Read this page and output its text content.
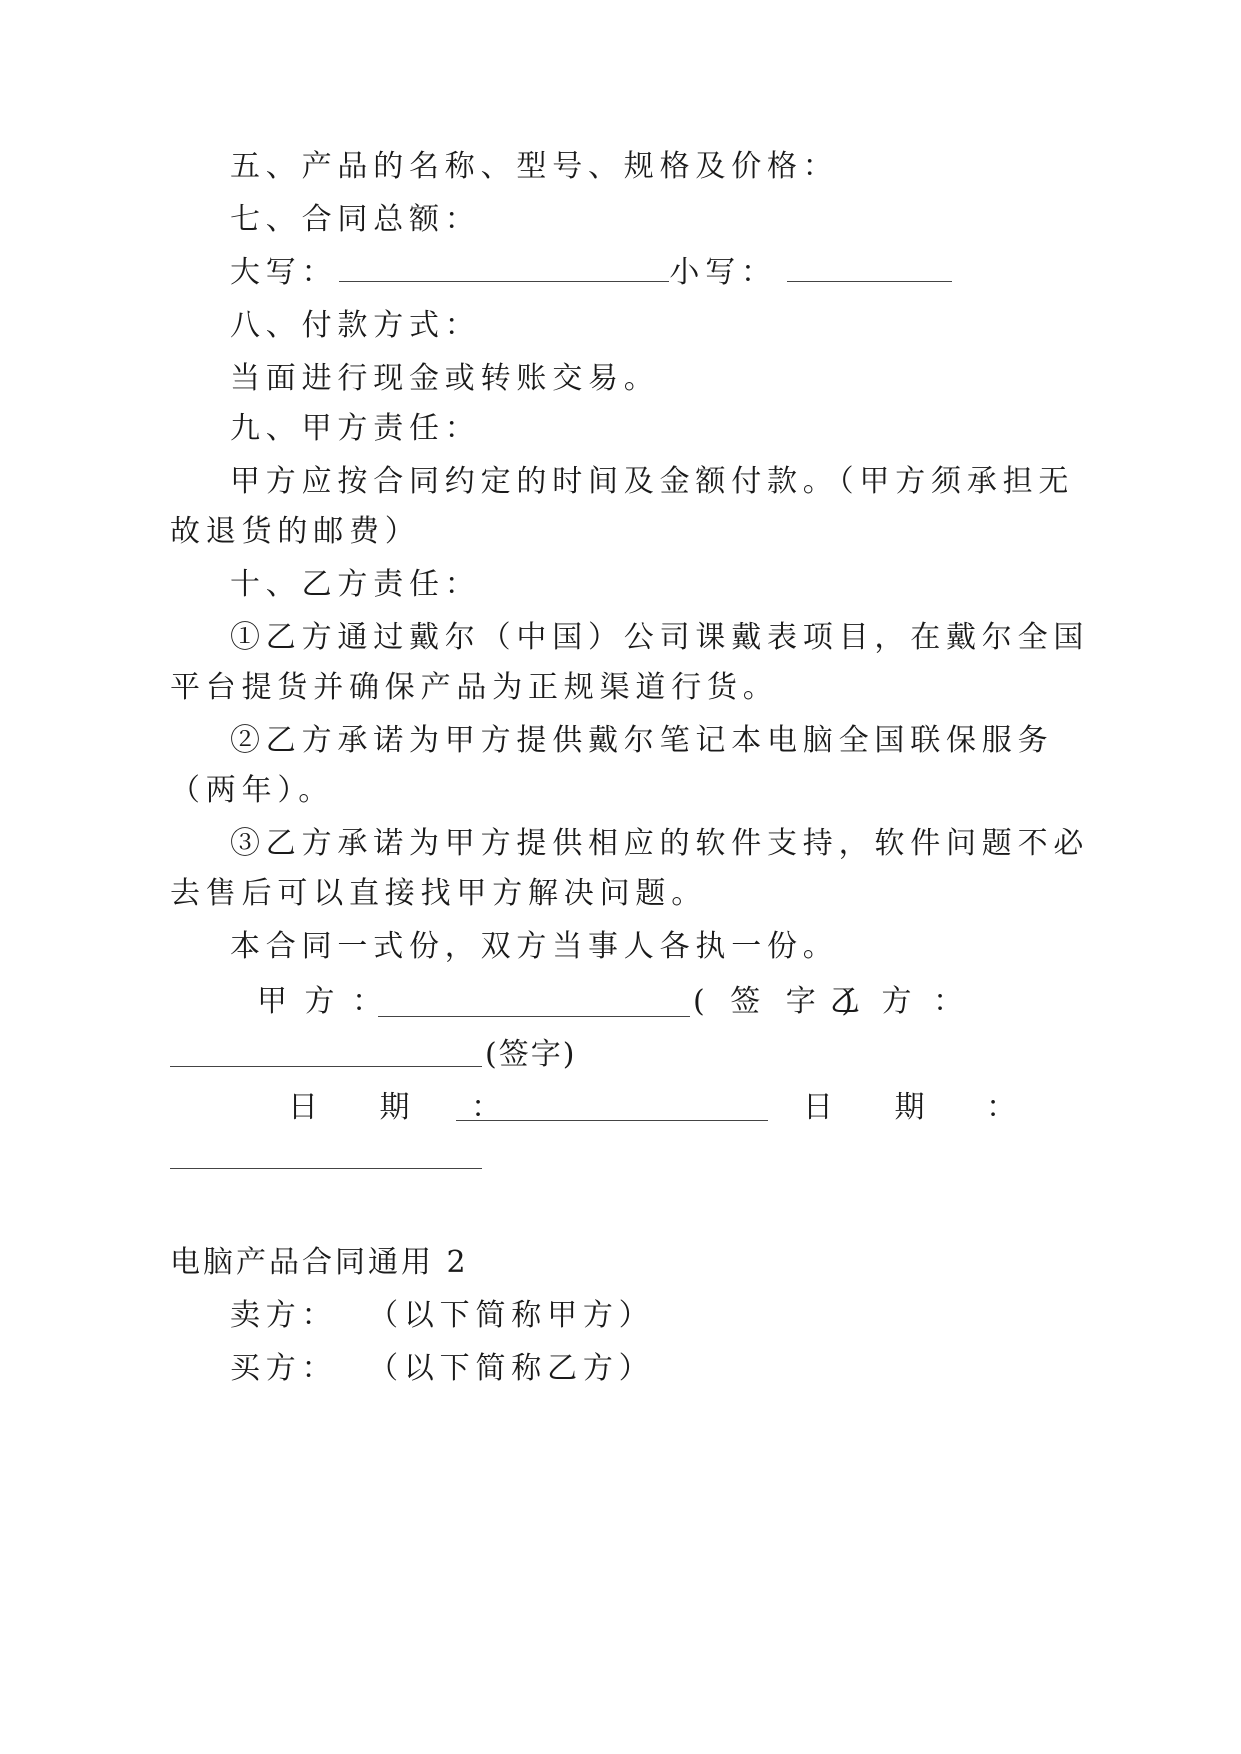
五、产品的名称、型号、规格及价格：
七、合同总额：
大写：	小写：
八、付款方式：
当面进行现金或转账交易。
九、甲方责任：
甲方应按合同约定的时间及金额付款。（甲方须承担无
故退货的邮费）
十、乙方责任：
①乙方通过戴尔（中国）公司课戴表项目，在戴尔全国
平台提货并确保产品为正规渠道行货。
②乙方承诺为甲方提供戴尔笔记本电脑全国联保服务
（两年）。
③乙方承诺为甲方提供相应的软件支持，软件问题不必
去售后可以直接找甲方解决问题。
本合同一式份，双方当事人各执一份。
甲 方 ：	( 签 字 )
乙 方 ：
(签字)
日 期 ：	日 期 ：
电脑产品合同通用 2
卖方：  （以下简称甲方）
买方：  （以下简称乙方）
